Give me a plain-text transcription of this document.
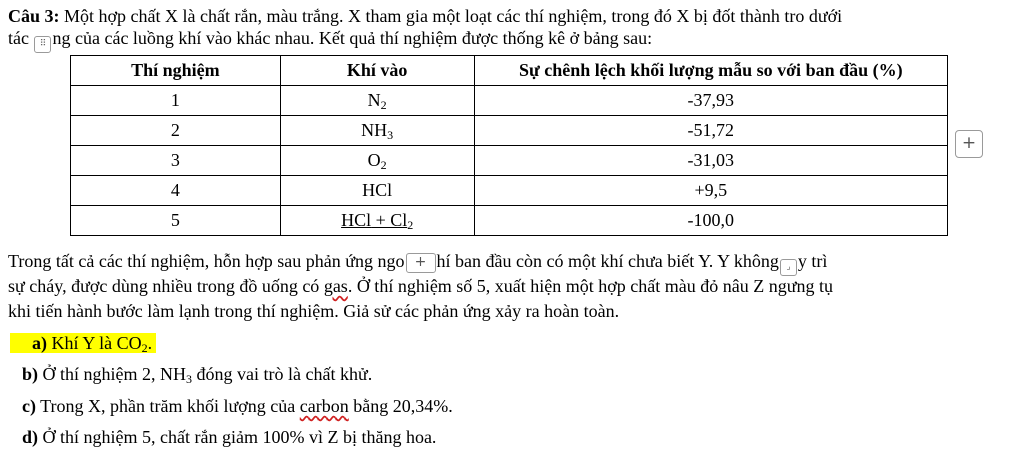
Câu 3: Một hợp chất X là chất rắn, màu trắng. X tham gia một loạt các thí nghiệm, trong đó X bị đốt thành tro dưới
tác ⠿ ng của các luồng khí vào khác nhau. Kết quả thí nghiệm được thống kê ở bảng sau:
Thí nghiệm	Khí vào	Sự chênh lệch khối lượng mẫu so với ban đầu (%)
1	$N_2$	-37,93
2	$NH_3$	-51,72
3	$O_2$	-31,03
4	HCl	+9,5
5	HCl + $Cl_2$	-100,0
+
Trong tất cả các thí nghiệm, hỗn hợp sau phản ứng ngo + hí ban đầu còn có một khí chưa biết Y. Y không ⌟ y trì
sự cháy, được dùng nhiều trong đồ uống có gas. Ở thí nghiệm số 5, xuất hiện một hợp chất màu đỏ nâu Z ngưng tụ
khi tiến hành bước làm lạnh trong thí nghiệm. Giả sử các phản ứng xảy ra hoàn toàn.
a) Khí Y là $CO_2$.
b) Ở thí nghiệm 2, $NH_3$ đóng vai trò là chất khử.
c) Trong X, phần trăm khối lượng của carbon bằng 20,34%.
d) Ở thí nghiệm 5, chất rắn giảm 100% vì Z bị thăng hoa.
